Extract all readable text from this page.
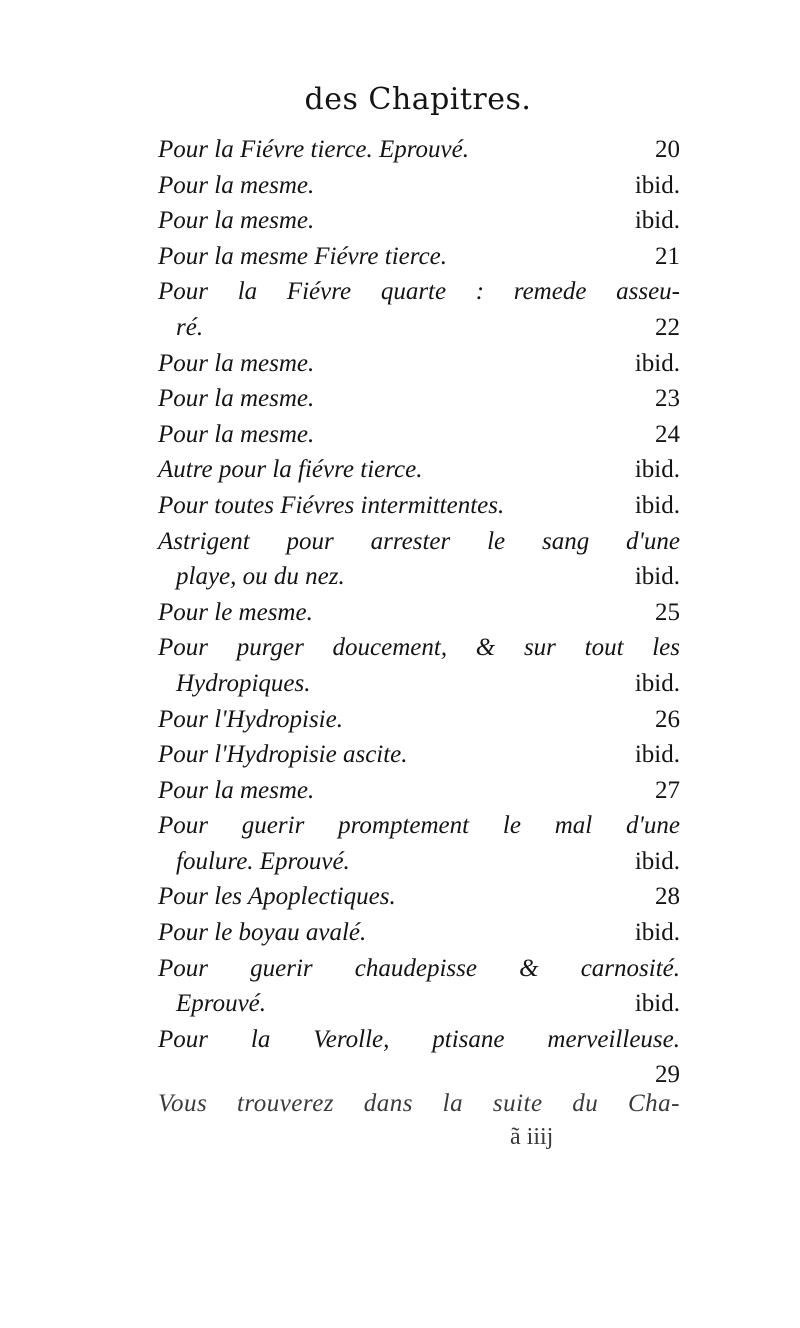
des Chapitres.
Pour la Fiévre tierce. Eprouvé.	20
Pour la mesme.	ibid.
Pour la mesme.	ibid.
Pour la mesme Fiévre tierce.	21
Pour la Fiévre quarte : remede asseu-
ré.	22
Pour la mesme.	ibid.
Pour la mesme.	23
Pour la mesme.	24
Autre pour la fiévre tierce.	ibid.
Pour toutes Fiévres intermittentes.	ibid.
Astrigent pour arrester le sang d'une
playe, ou du nez.	ibid.
Pour le mesme.	25
Pour purger doucement, & sur tout les
Hydropiques.	ibid.
Pour l'Hydropisie.	26
Pour l'Hydropisie ascite.	ibid.
Pour la mesme.	27
Pour guerir promptement le mal d'une
foulure. Eprouvé.	ibid.
Pour les Apoplectiques.	28
Pour le boyau avalé.	ibid.
Pour guerir chaudepisse & carnosité.
Eprouvé.	ibid.
Pour la Verolle, ptisane merveilleuse.
29
Vous trouverez dans la suite du Cha-
ã iiij
